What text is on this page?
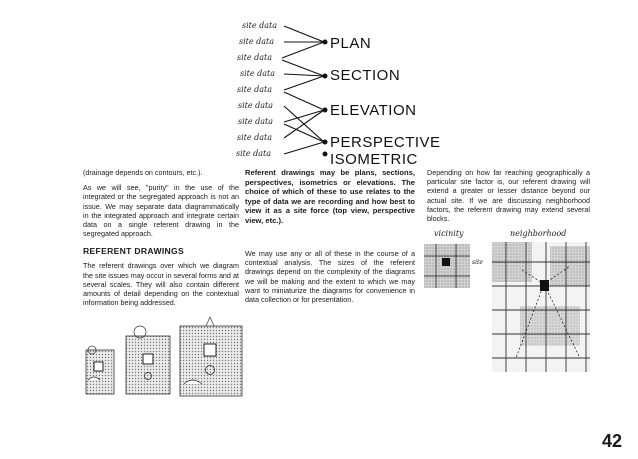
site data
site data
site data
site data
site data
site data
site data
site data
site data
PLAN
SECTION
ELEVATION
PERSPECTIVE
ISOMETRIC

(drainage depends on contours, etc.).

As we will see, "purity" in the use of the integrated or the segregated approach is not an issue. We may separate data diagrammatically in the integrated approach and integrate certain data on a single referent drawing in the segregated approach.

REFERENT DRAWINGS

The referent drawings over which we diagram the site issues may occur in several forms and at several scales. They will also contain different amounts of detail depending on the contextual information being addressed.

Referent drawings may be plans, sections, perspectives, isometrics or elevations. The choice of which of these to use relates to the type of data we are recording and how best to view it as a site force (top view, perspective view, etc.).

We may use any or all of these in the course of a contextual analysis. The sizes of the referent drawings depend on the complexity of the diagrams we will be making and the extent to which we may want to miniaturize the diagrams for convenience in data collection or for presentation.

Depending on how far reaching geographically a particular site factor is, our referent drawing will extend a greater or lesser distance beyond our actual site. If we are discussing neighborhood factors, the referent drawing may extend several blocks.

vicinity	neighborhood
site
42
